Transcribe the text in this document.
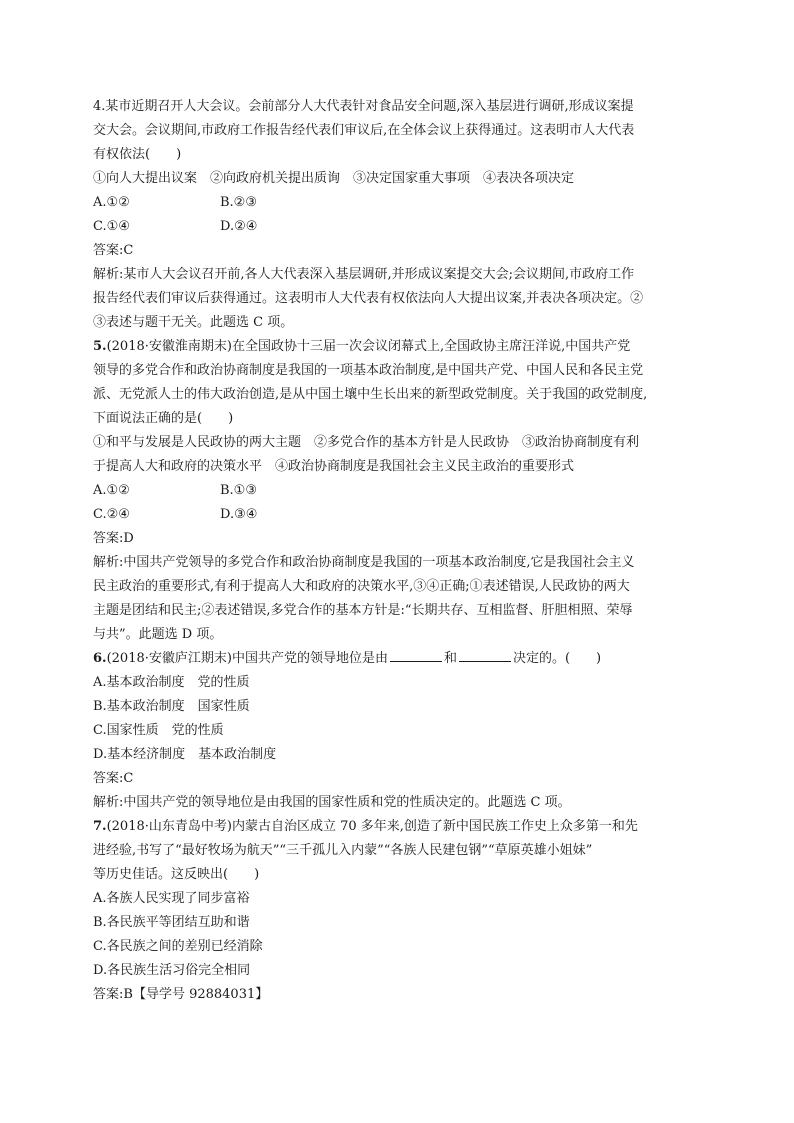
4.某市近期召开人大会议。会前部分人大代表针对食品安全问题,深入基层进行调研,形成议案提
交大会。会议期间,市政府工作报告经代表们审议后,在全体会议上获得通过。这表明市人大代表
有权依法(　　)
①向人大提出议案　②向政府机关提出质询　③决定国家重大事项　④表决各项决定
A.①②	B.②③
C.①④	D.②④
答案:C
解析:某市人大会议召开前,各人大代表深入基层调研,并形成议案提交大会;会议期间,市政府工作
报告经代表们审议后获得通过。这表明市人大代表有权依法向人大提出议案,并表决各项决定。②
③表述与题干无关。此题选 C 项。
5.(2018·安徽淮南期末)在全国政协十三届一次会议闭幕式上,全国政协主席汪洋说,中国共产党
领导的多党合作和政治协商制度是我国的一项基本政治制度,是中国共产党、中国人民和各民主党
派、无党派人士的伟大政治创造,是从中国土壤中生长出来的新型政党制度。关于我国的政党制度,
下面说法正确的是(　　)
①和平与发展是人民政协的两大主题　②多党合作的基本方针是人民政协　③政治协商制度有利
于提高人大和政府的决策水平　④政治协商制度是我国社会主义民主政治的重要形式
A.①②	B.①③
C.②④	D.③④
答案:D
解析:中国共产党领导的多党合作和政治协商制度是我国的一项基本政治制度,它是我国社会主义
民主政治的重要形式,有利于提高人大和政府的决策水平,③④正确;①表述错误,人民政协的两大
主题是团结和民主;②表述错误,多党合作的基本方针是:“长期共存、互相监督、肝胆相照、荣辱
与共”。此题选 D 项。
6.(2018·安徽庐江期末)中国共产党的领导地位是由	和	决定的。(　　)
A.基本政治制度　党的性质
B.基本政治制度　国家性质
C.国家性质　党的性质
D.基本经济制度　基本政治制度
答案:C
解析:中国共产党的领导地位是由我国的国家性质和党的性质决定的。此题选 C 项。
7.(2018·山东青岛中考)内蒙古自治区成立 70 多年来,创造了新中国民族工作史上众多第一和先
进经验,书写了“最好牧场为航天”“三千孤儿入内蒙”“各族人民建包钢”“草原英雄小姐妹”
等历史佳话。这反映出(　　)
A.各族人民实现了同步富裕
B.各民族平等团结互助和谐
C.各民族之间的差别已经消除
D.各民族生活习俗完全相同
答案:B【导学号 92884031】
